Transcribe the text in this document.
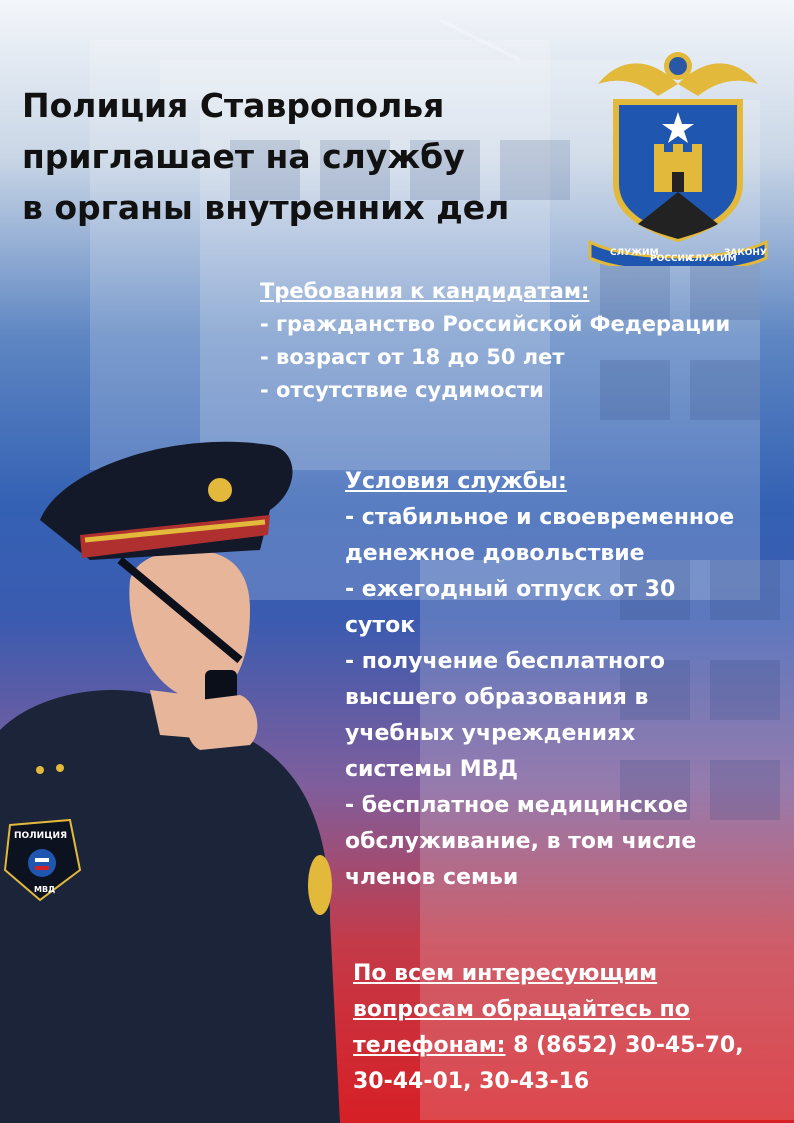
Полиция Ставрополья
приглашает на службу
в органы внутренних дел
СЛУЖИМ
РОССИИ
СЛУЖИМ
ЗАКОНУ
ПОЛИЦИЯ
МВД
Требования к кандидатам:
- гражданство Российской Федерации
- возраст от 18 до 50 лет
- отсутствие судимости
Условия службы:
- стабильное и своевременное
денежное довольствие
- ежегодный отпуск от 30
суток
- получение бесплатного
высшего образования в
учебных учреждениях
системы МВД
- бесплатное медицинское
обслуживание, в том числе
членов семьи
По всем интересующим
вопросам обращайтесь по
телефонам: 8 (8652) 30-45-70,
30-44-01, 30-43-16
